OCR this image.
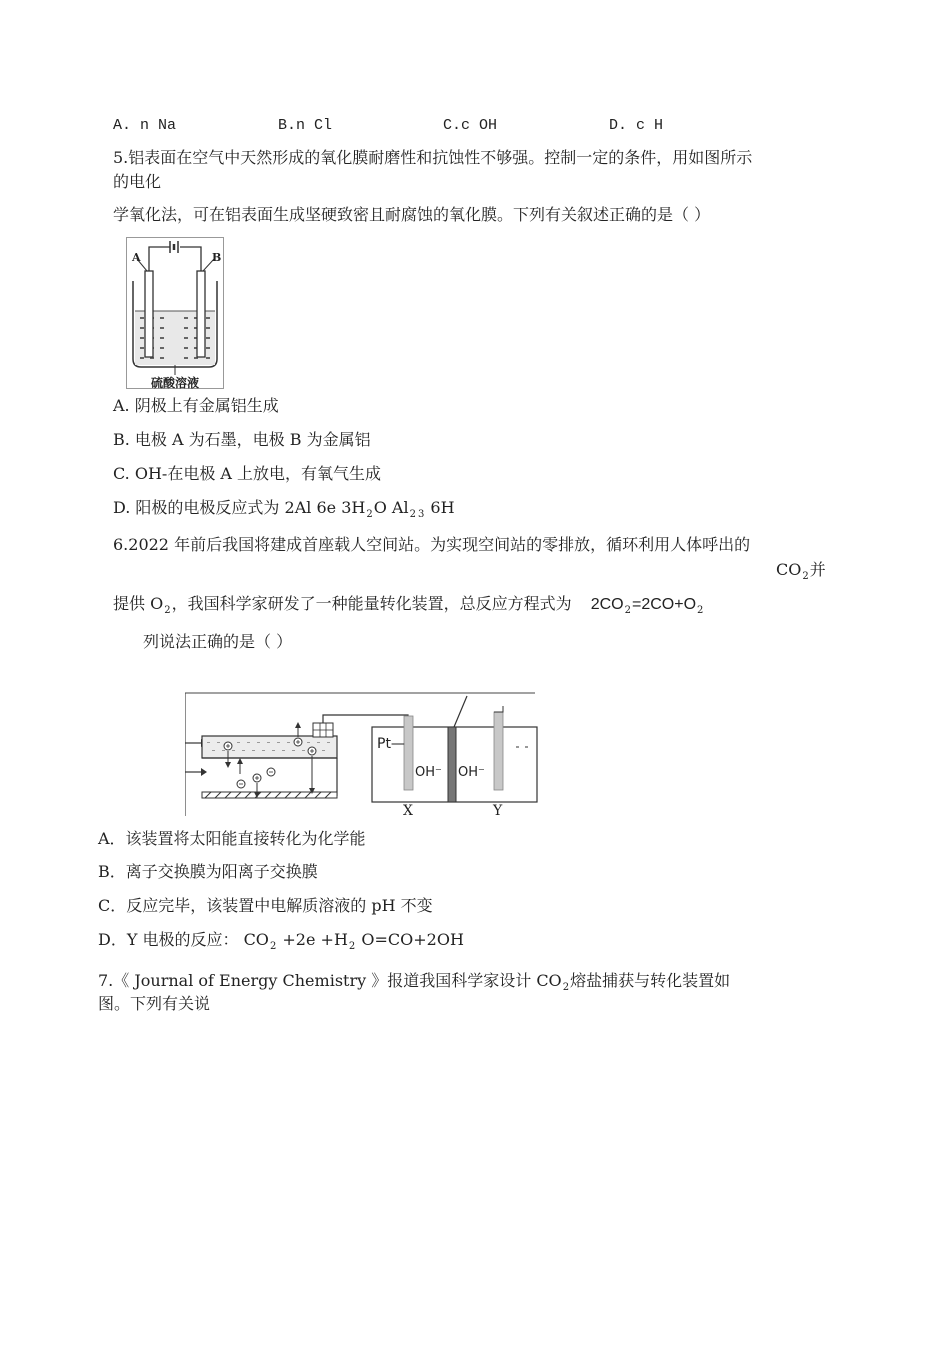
A. n Na	B.n Cl	C.c OH	D. c H
5.铝表面在空气中天然形成的氧化膜耐磨性和抗蚀性不够强。控制一定的条件，用如图所示
的电化
学氧化法，可在铝表面生成坚硬致密且耐腐蚀的氧化膜。下列有关叙述正确的是（ ）
A	B
硫酸溶液
A. 阴极上有金属铝生成
B. 电极 A 为石墨，电极 B 为金属铝
C. OH-在电极 A 上放电，有氧气生成
D. 阳极的电极反应式为 2Al 6e $3H_2O$ $Al_2$ $_3$ 6H
6.2022 年前后我国将建成首座载人空间站。为实现空间站的零排放，循环利用人体呼出的
$CO_2$并
提供 $O_2$，我国科学家研发了一种能量转化装置，总反应方程式为 $2CO_2=2CO+O_2$
列说法正确的是（ ）
Pt—
OH⁻ OH⁻
X	Y
A．该装置将太阳能直接转化为化学能
B．离子交换膜为阳离子交换膜
C．反应完毕，该装置中电解质溶液的 pH 不变
D．Y 电极的反应： $CO_2 +2e +H_2$ O=CO+2OH
7.《 Journal of Energy Chemistry 》报道我国科学家设计 $CO_2$熔盐捕获与转化装置如
图。下列有关说
